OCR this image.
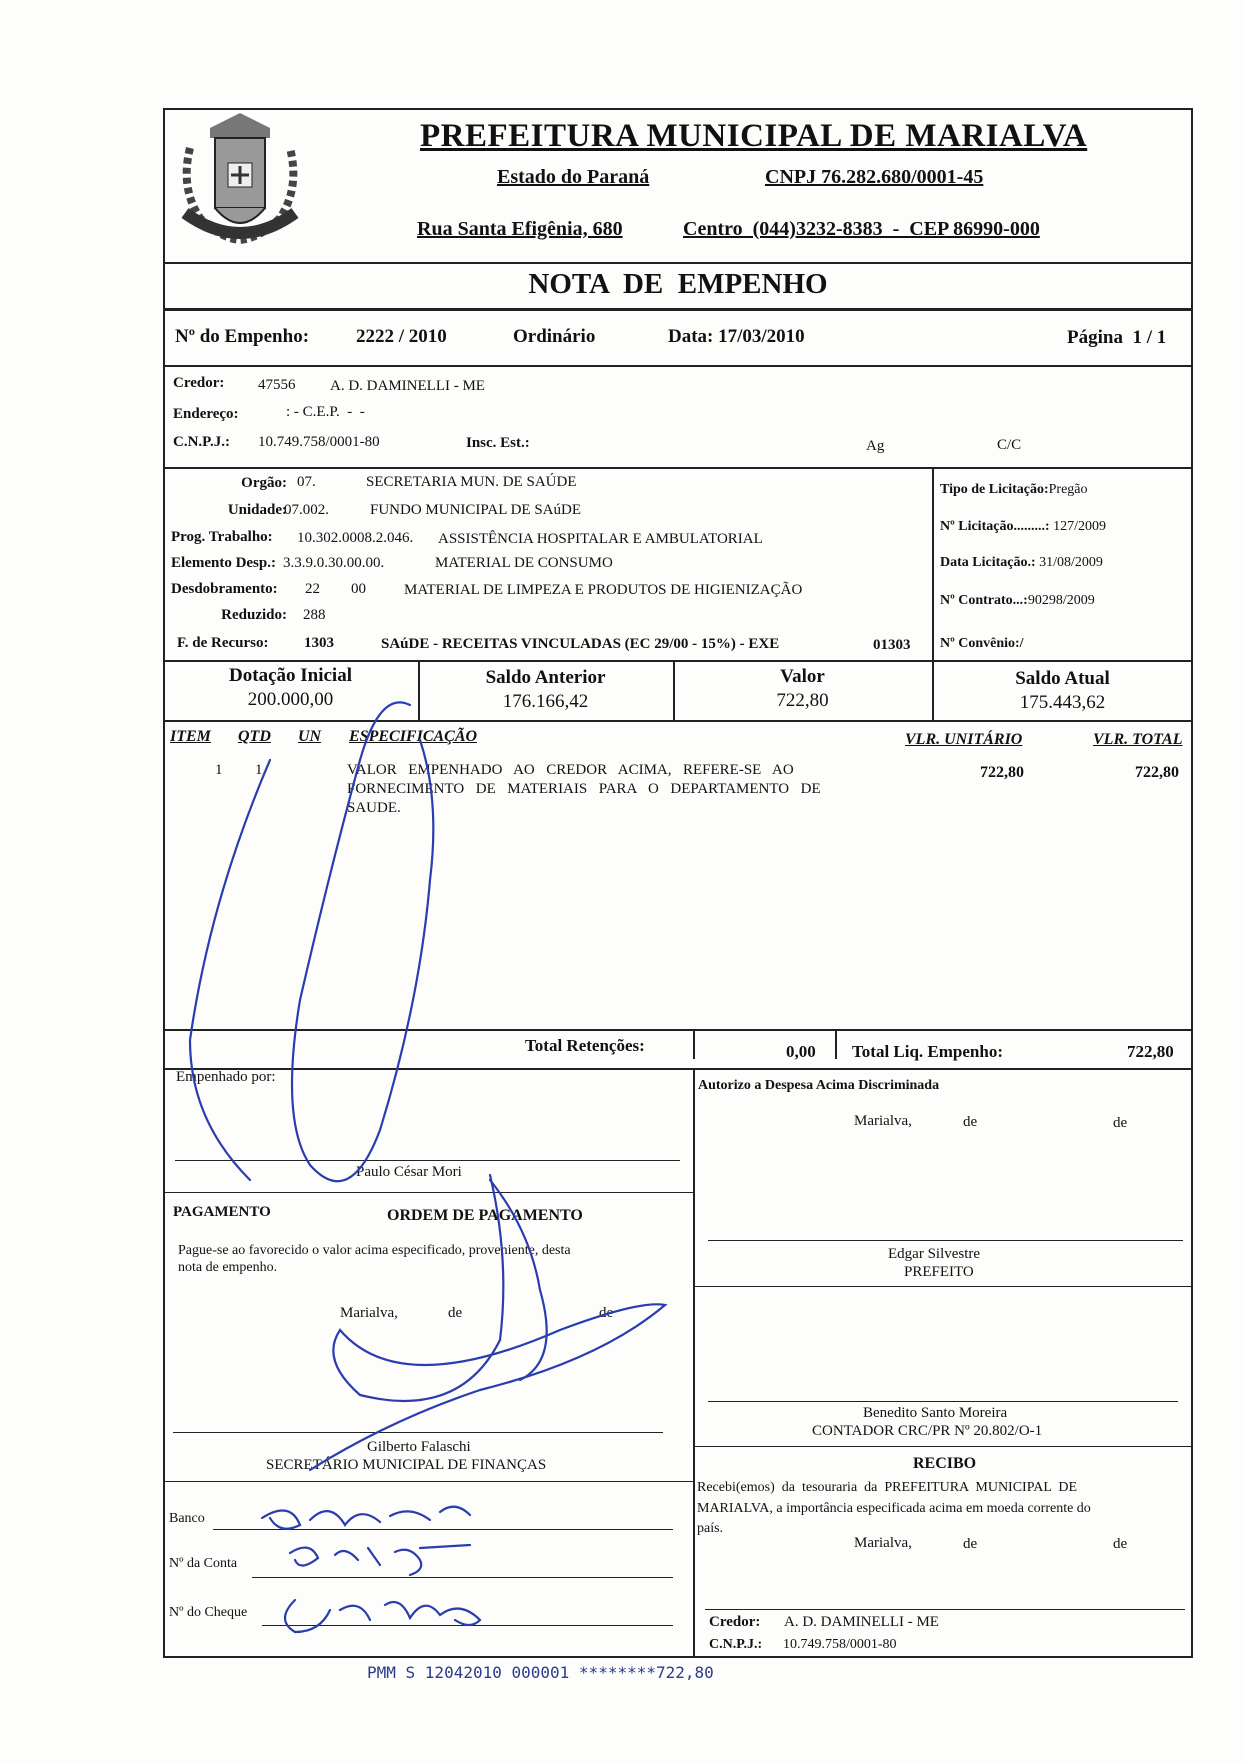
PREFEITURA MUNICIPAL DE MARIALVA
Estado do Paraná	CNPJ 76.282.680/0001-45
Rua Santa Efigênia, 680	Centro  (044)3232-8383  -  CEP 86990-000
NOTA  DE  EMPENHO
Nº do Empenho: 2222 / 2010	Ordinário	Data: 17/03/2010	Página  1 / 1
Credor: 47556 A. D. DAMINELLI - ME
Endereço:	: - C.E.P.  -  -
C.N.P.J.: 10.749.758/0001-80	Insc. Est.:	Ag	C/C
Orgão: 07.	SECRETARIA MUN. DE SAÚDE
Unidade:
07.002.	FUNDO MUNICIPAL DE SAúDE
Prog. Trabalho: 10.302.0008.2.046. ASSISTÊNCIA HOSPITALAR E AMBULATORIAL
Elemento Desp.: 3.3.9.0.30.00.00.	MATERIAL DE CONSUMO
Desdobramento: 22 00	MATERIAL DE LIMPEZA E PRODUTOS DE HIGIENIZAÇÃO
Reduzido: 288
F. de Recurso: 1303	SAúDE - RECEITAS VINCULADAS (EC 29/00 - 15%) - EXE	01303
Tipo de Licitação:Pregão
Nº Licitação.........: 127/2009
Data Licitação.: 31/08/2009
Nº Contrato...:90298/2009
Nº Convênio:/
Dotação Inicial
200.000,00
Saldo Anterior
176.166,42
Valor
722,80
Saldo Atual
175.443,62
ITEM QTD UN ESPECIFICAÇÃO	VLR. UNITÁRIO	VLR. TOTAL
1 1	VALOR  EMPENHADO  AO  CREDOR  ACIMA,  REFERE-SE  AO
FORNECIMENTO  DE  MATERIAIS  PARA  O  DEPARTAMENTO  DE
SAUDE.
722,80	722,80
Total Retenções:	0,00 Total Liq. Empenho:	722,80
Empenhado por:
Paulo César Mori
PAGAMENTO	ORDEM DE PAGAMENTO
Pague-se ao favorecido o valor acima especificado, proveniente, desta
nota de empenho.
Marialva,	de	de
Gilberto Falaschi
SECRETÁRIO MUNICIPAL DE FINANÇAS
Banco
Nº da Conta
Nº do Cheque
Autorizo a Despesa Acima Discriminada
Marialva,	de	de
Edgar Silvestre
PREFEITO
Benedito Santo Moreira
CONTADOR CRC/PR Nº 20.802/O-1
RECIBO
Recebi(emos)  da  tesouraria  da  PREFEITURA  MUNICIPAL  DE
MARIALVA, a importância especificada acima em moeda corrente do
país.
Marialva,	de	de
Credor: A. D. DAMINELLI - ME
C.N.P.J.: 10.749.758/0001-80
PMM S 12042010 000001 ********722,80
